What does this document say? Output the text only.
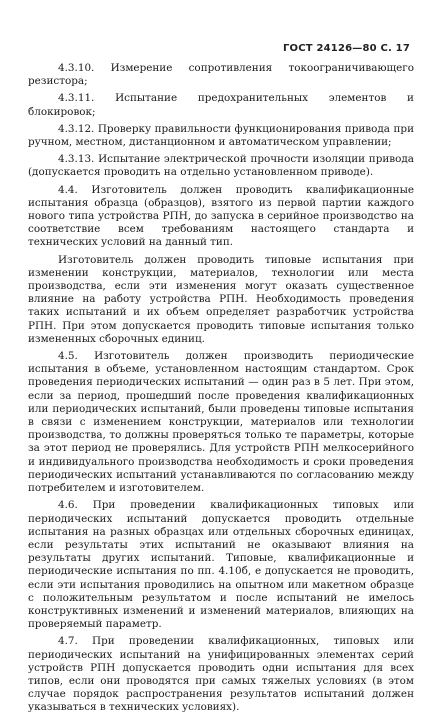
ГОСТ 24126—80 С. 17

4.3.10. Измерение сопротивления токоограничивающего резистора;

4.3.11. Испытание предохранительных элементов и блокировок;

4.3.12. Проверку правильности функционирования привода при ручном, местном, дистанционном и автоматическом управлении;

4.3.13. Испытание электрической прочности изоляции привода (допускается проводить на отдельно установленном приводе).

4.4. Изготовитель должен проводить квалификационные испытания образца (образцов), взятого из первой партии каждого нового типа устройства РПН, до запуска в серийное производство на соответствие всем требованиям настоящего стандарта и технических условий на данный тип.

Изготовитель должен проводить типовые испытания при изменении конструкции, материалов, технологии или места производства, если эти изменения могут оказать существенное влияние на работу устройства РПН. Необходимость проведения таких испытаний и их объем определяет разработчик устройства РПН. При этом допускается проводить типовые испытания только измененных сборочных единиц.

4.5. Изготовитель должен производить периодические испытания в объеме, установленном настоящим стандартом. Срок проведения периодических испытаний — один раз в 5 лет. При этом, если за период, прошедший после проведения квалификационных или периодических испытаний, были проведены типовые испытания в связи с изменением конструкции, материалов или технологии производства, то должны проверяться только те параметры, которые за этот период не проверялись. Для устройств РПН мелкосерийного и индивидуального производства необходимость и сроки проведения периодических испытаний устанавливаются по согласованию между потребителем и изготовителем.

4.6. При проведении квалификационных типовых или периодических испытаний допускается проводить отдельные испытания на разных образцах или отдельных сборочных единицах, если результаты этих испытаний не оказывают влияния на результаты других испытаний. Типовые, квалификационные и периодические испытания по пп. 4.10б, е допускается не проводить, если эти испытания проводились на опытном или макетном образце с положительным результатом и после испытаний не имелось конструктивных изменений и изменений материалов, влияющих на проверяемый параметр.

4.7. При проведении квалификационных, типовых или периодических испытаний на унифицированных элементах серий устройств РПН допускается проводить одни испытания для всех типов, если они проводятся при самых тяжелых условиях (в этом случае порядок распространения результатов испытаний должен указываться в технических условиях).
